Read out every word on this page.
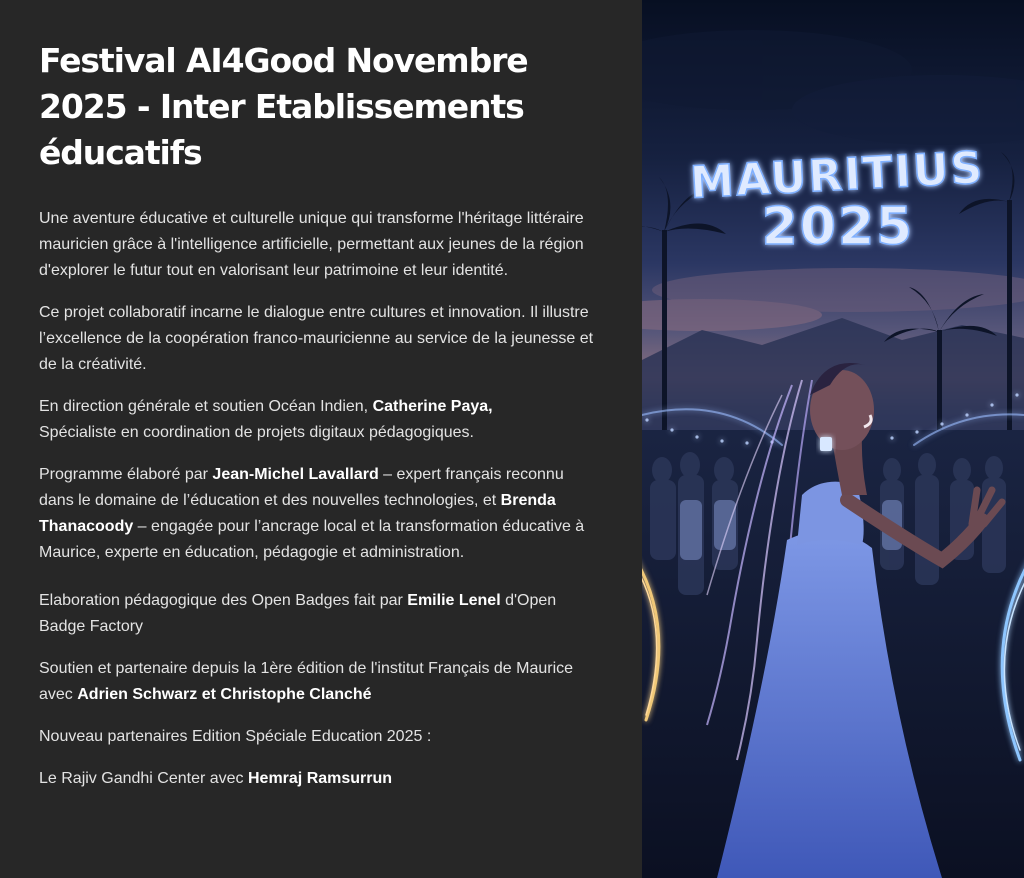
Festival AI4Good Novembre 2025 - Inter Etablissements éducatifs

Une aventure éducative et culturelle unique qui transforme l'héritage littéraire mauricien grâce à l'intelligence artificielle, permettant aux jeunes de la région d'explorer le futur tout en valorisant leur patrimoine et leur identité.

Ce projet collaboratif incarne le dialogue entre cultures et innovation. Il illustre l’excellence de la coopération franco-mauricienne au service de la jeunesse et de la créativité.

En direction générale et soutien Océan Indien, Catherine Paya,
Spécialiste en coordination de projets digitaux pédagogiques.

Programme élaboré par Jean-Michel Lavallard – expert français reconnu dans le domaine de l’éducation et des nouvelles technologies, et Brenda Thanacoody – engagée pour l’ancrage local et la transformation éducative à Maurice, experte en éducation, pédagogie et administration.

Elaboration pédagogique des Open Badges fait par Emilie Lenel d'Open Badge Factory

Soutien et partenaire depuis la 1ère édition de l'institut Français de Maurice avec Adrien Schwarz et Christophe Clanché

Nouveau partenaires Edition Spéciale Education 2025 :

Le Rajiv Gandhi Center avec Hemraj Ramsurrun

MAURITIUS
2025
